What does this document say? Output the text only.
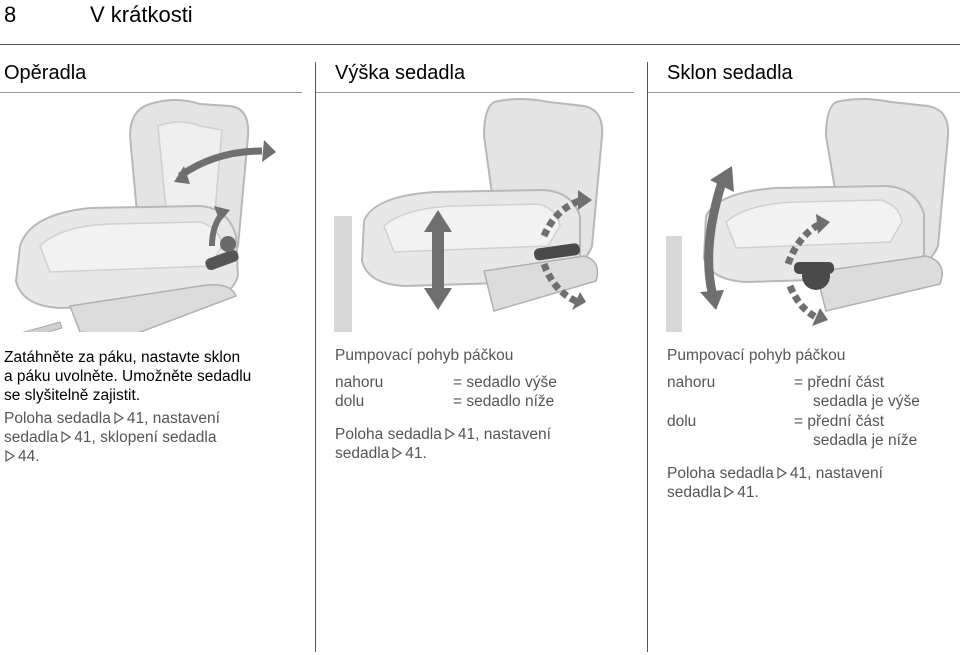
8	V krátkosti
Opěradla
Zatáhněte za páku, nastavte sklon
a páku uvolněte. Umožněte sedadlu
se slyšitelně zajistit.
Poloha sedadla 41, nastavení
sedadla 41, sklopení sedadla
44.
Výška sedadla
Pumpovací pohyb páčkou
nahoru	= sedadlo výše
dolu	= sedadlo níže
Poloha sedadla 41, nastavení
sedadla 41.
Sklon sedadla
Pumpovací pohyb páčkou
nahoru	= přední část
sedadla je výše
dolu	= přední část
sedadla je níže
Poloha sedadla 41, nastavení
sedadla 41.
